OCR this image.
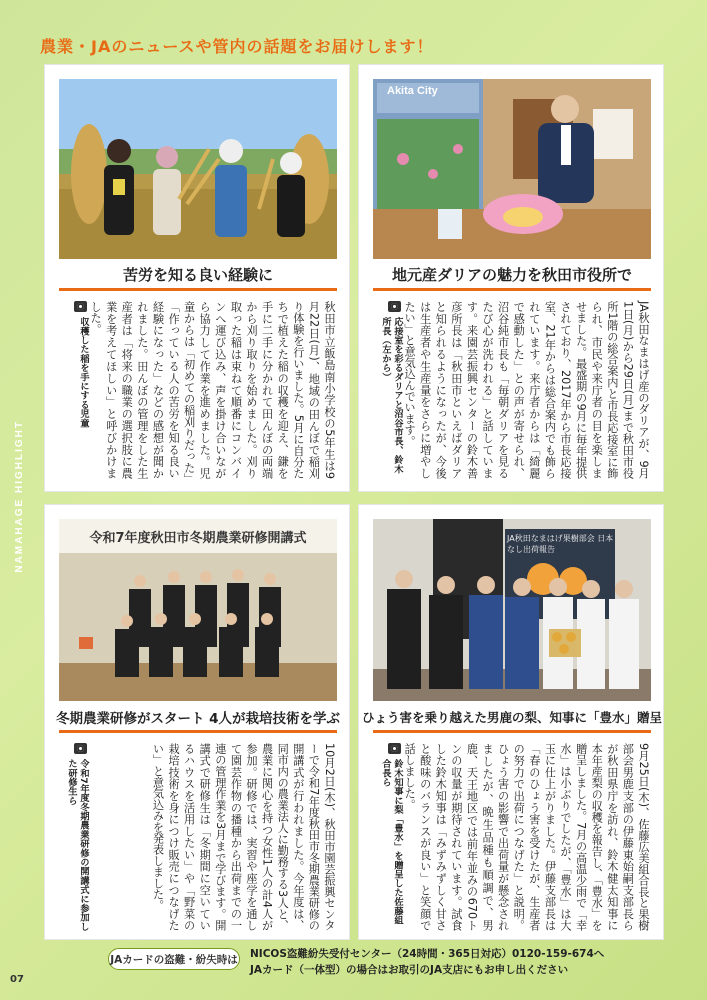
農業・JAのニュースや管内の話題をお届けします！
NAMAHAGE HIGHLIGHT
苦労を知る良い経験に
秋田市立飯島南小学校の5年生は9月22日(月)、地域の田んぼで稲刈り体験を行いました。5月に自分たちで植えた稲の収穫を迎え、鎌を手に二手に分かれて田んぼの両端から刈り取りを始めました。刈り取った稲は束ねて順番にコンバインへ運び込み、声を掛け合いながら協力して作業を進めました。児童からは「初めての稲刈りだった」「作っている人の苦労を知る良い経験になった」などの感想が聞かれました。田んぼの管理をした生産者は「将来の職業の選択肢に農業を考えてほしい」と呼びかけました。
収穫した稲を手にする児童
Akita City
地元産ダリアの魅力を秋田市役所で
JA秋田なまはげ産のダリアが、9月1日(月)から29日(月)まで秋田市役所1階の総合案内と市長応接室に飾られ、市民や来庁者の目を楽しませました。最盛期の9月に毎年提供されており、2017年から市長応接室、21年からは総合案内でも飾られています。来庁者からは「綺麗で感動した」との声が寄せられ、沼谷純市長も「毎朝ダリアを見るたび心が洗われる」と話しています。来園芸振興センターの鈴木善彦所長は「秋田市といえばダリアと知られるようになったが、今後は生産者や生産量をさらに増やしたい」と意気込んでいます。
応接室を彩るダリアと沼谷市長、鈴木所長（左から）
令和7年度秋田市冬期農業研修開講式
冬期農業研修がスタート 4人が栽培技術を学ぶ
10月2日(木)、秋田市園芸振興センターで令和7年度秋田市冬期農業研修の開講式が行われました。今年度は、同市内の農業法人に勤務する3人と、農業に関心を持つ女性1人の計4人が参加。研修では、実習や座学を通して園芸作物の播種から出荷までの一連の管理作業を3月まで学びます。開講式で研修生は「冬期間に空いているハウスを活用したい」や「野菜の栽培技術を身につけ販売につなげたい」と意気込みを発表しました。
令和7年度冬期農業研修の開講式に参加した研修生ら
JA秋田なまはげ果樹部会 日本なし出荷報告
ひょう害を乗り越えた男鹿の梨、知事に「豊水」贈呈
9月25日(木)、佐藤広美組合長と果樹部会男鹿支部の伊藤東始嗣支部長らが秋田県庁を訪れ、鈴木健太知事に本年産梨の収穫を報告し、「豊水」を贈呈しました。7月の高温少雨で「幸水」は小ぶりでしたが、「豊水」は大玉に仕上がりました。伊藤支部長は「春のひょう害を受けたが、生産者の努力で出荷につなげた」と説明。ひょう害の影響で出荷量が懸念されましたが、晩生品種も順調で、男鹿、天王地区では前年並みの670トンの収量が期待されています。試食した鈴木知事は「みずみずしく甘さと酸味のバランスが良い」と笑顔で話しました。
鈴木知事に梨「豊水」を贈呈した佐藤組合長ら
JAカードの盗難・紛失時は NICOS盗難紛失受付センター（24時間・365日対応）0120-159-674へ
JAカード（一体型）の場合はお取引のJA支店にもお申し出ください
07
